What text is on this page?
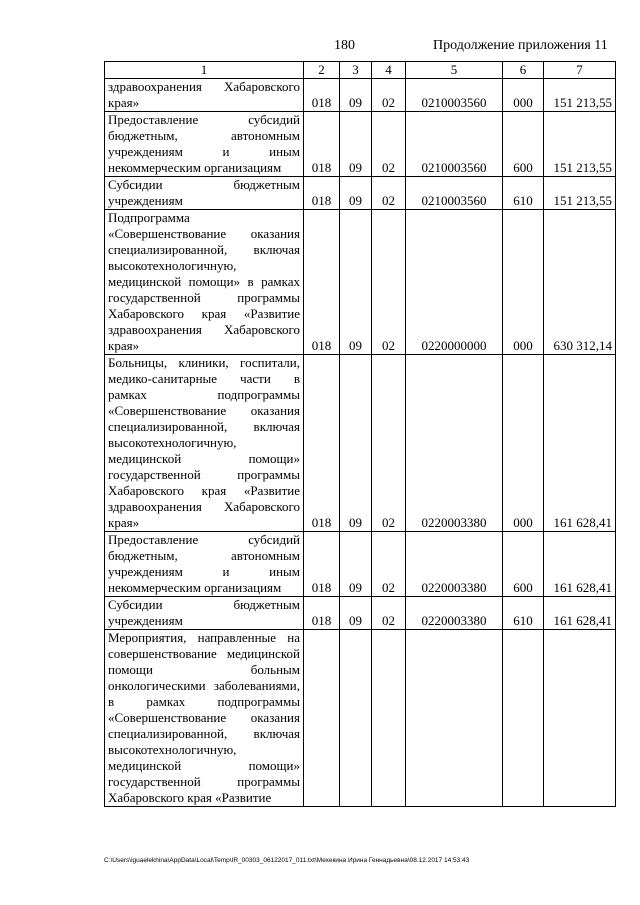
180	Продолжение приложения 11
1	2	3	4	5	6	7
здравоохранения Хабаровского края»	018	09	02	0210003560	000	151 213,55
Предоставление субсидий бюджетным, автономным учреждениям и иным некоммерческим организациям	018	09	02	0210003560	600	151 213,55
Субсидии бюджетным учреждениям	018	09	02	0210003560	610	151 213,55
Подпрограмма «Совершенствование оказания специализированной, включая высокотехнологичную, медицинской помощи» в рамках государственной программы Хабаровского края «Развитие здравоохранения Хабаровского края»	018	09	02	0220000000	000	630 312,14
Больницы, клиники, госпитали, медико-санитарные части в рамках подпрограммы «Совершенствование оказания специализированной, включая высокотехнологичную, медицинской помощи» государственной программы Хабаровского края «Развитие здравоохранения Хабаровского края»	018	09	02	0220003380	000	161 628,41
Предоставление субсидий бюджетным, автономным учреждениям и иным некоммерческим организациям	018	09	02	0220003380	600	161 628,41
Субсидии бюджетным учреждениям	018	09	02	0220003380	610	161 628,41
Мероприятия, направленные на совершенствование медицинской помощи больным онкологическими заболеваниями, в рамках подпрограммы «Совершенствование оказания специализированной, включая высокотехнологичную, медицинской помощи» государственной программы Хабаровского края «Развитие						
C:\Users\iguaelekhina\AppData\Local\Temp\IR_00303_06122017_011.txt\Мехекина Ирина Геннадьевна\08.12.2017 14:53:43
